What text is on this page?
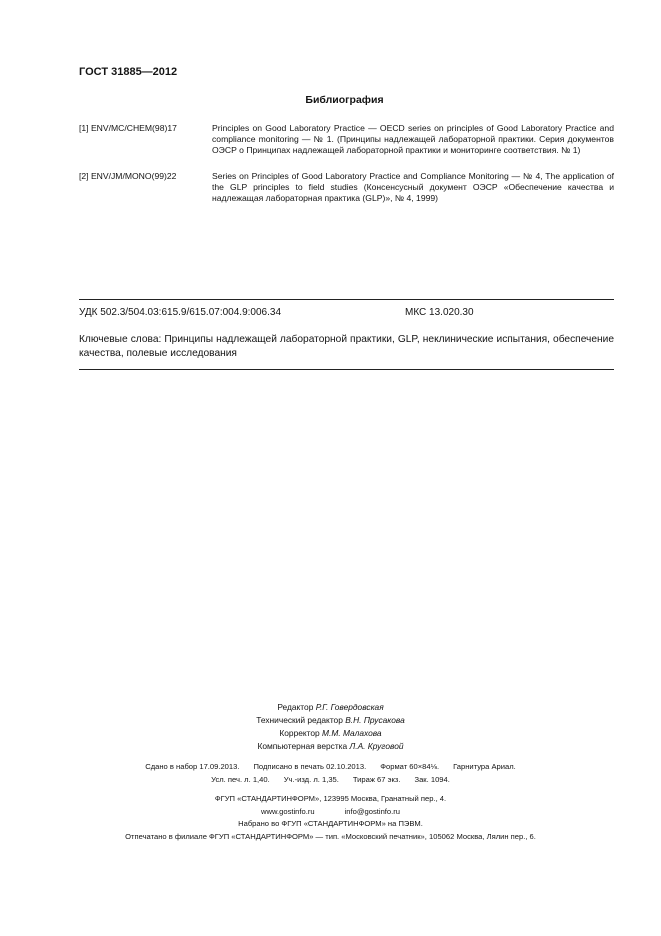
ГОСТ 31885—2012
Библиография
[1] ENV/MC/CHEM(98)17	Principles on Good Laboratory Practice — OECD series on principles of Good Laboratory Practice and compliance monitoring — № 1. (Принципы надлежащей лабораторной практики. Серия документов ОЭСР о Принципах надлежащей лабораторной практики и мониторинге соответствия. № 1)
[2] ENV/JM/MONO(99)22	Series on Principles of Good Laboratory Practice and Compliance Monitoring — № 4, The application of the GLP principles to field studies (Консенсусный документ ОЭСР «Обеспечение качества и надлежащая лабораторная практика (GLP)», № 4, 1999)
УДК 502.3/504.03:615.9/615.07:004.9:006.34	МКС 13.020.30
Ключевые слова: Принципы надлежащей лабораторной практики, GLP, неклинические испытания, обеспечение качества, полевые исследования
Редактор Р.Г. Говердовская
Технический редактор В.Н. Прусакова
Корректор М.М. Малахова
Компьютерная верстка Л.А. Круговой
Сдано в набор 17.09.2013. Подписано в печать 02.10.2013. Формат 60×84⅛. Гарнитура Ариал.
Усл. печ. л. 1,40. Уч.-изд. л. 1,35. Тираж 67 экз. Зак. 1094.
ФГУП «СТАНДАРТИНФОРМ», 123995 Москва, Гранатный пер., 4.
www.gostinfo.ru	info@gostinfo.ru
Набрано во ФГУП «СТАНДАРТИНФОРМ» на ПЭВМ.
Отпечатано в филиале ФГУП «СТАНДАРТИНФОРМ» — тип. «Московский печатник», 105062 Москва, Лялин пер., 6.
